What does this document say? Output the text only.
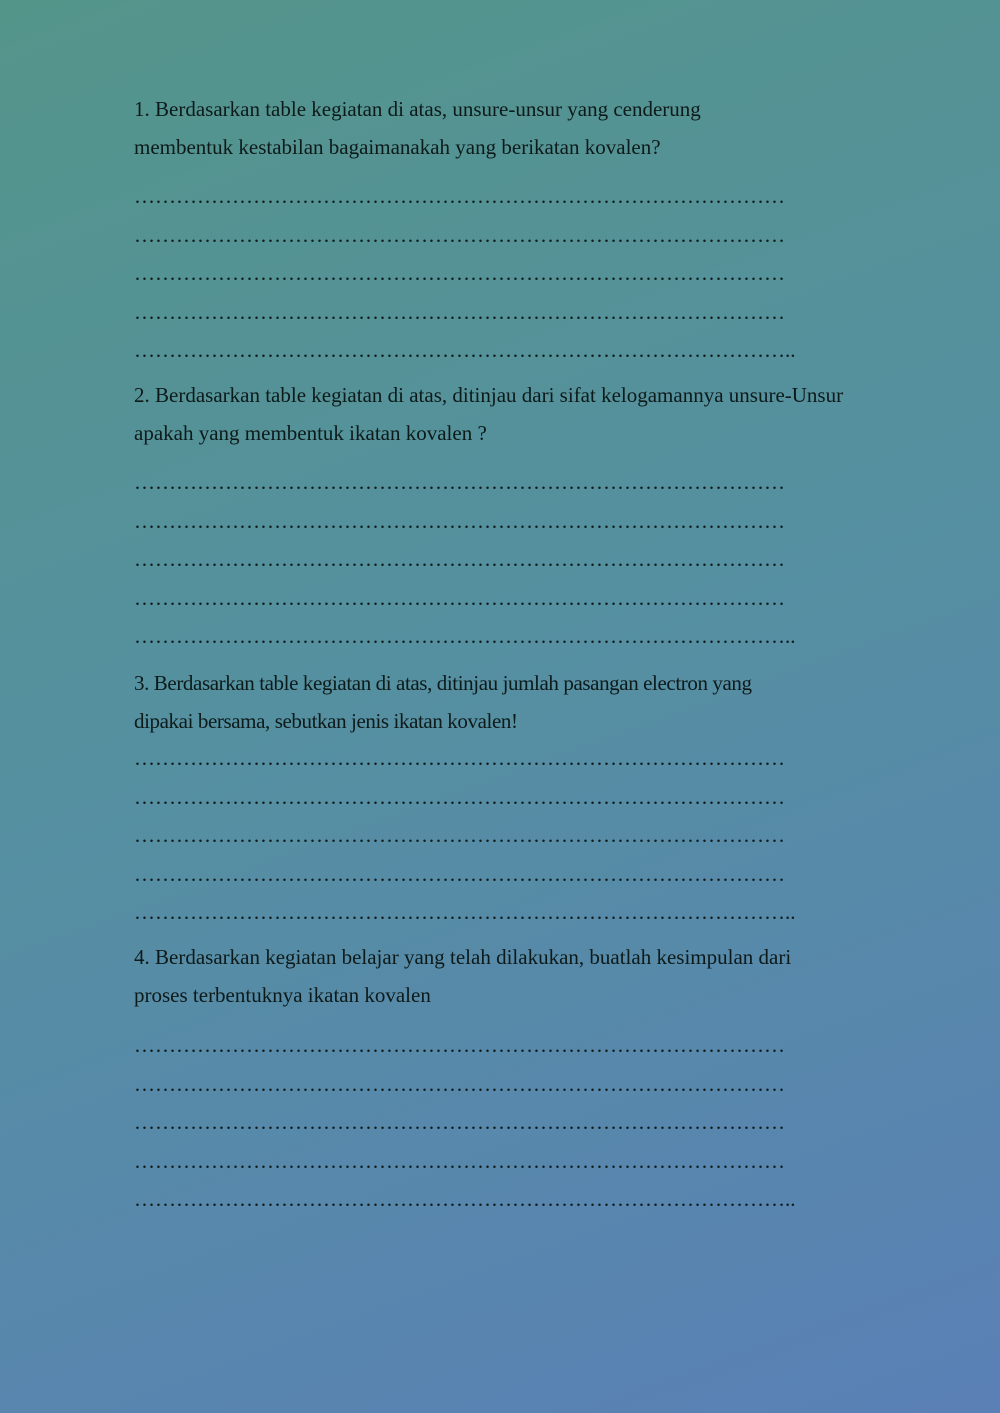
1. Berdasarkan table kegiatan di atas, unsure-unsur yang cenderung
membentuk kestabilan bagaimanakah yang berikatan kovalen?

…………………………………………………………………………………
…………………………………………………………………………………
…………………………………………………………………………………
…………………………………………………………………………………
…………………………………………………………………………………..

2. Berdasarkan table kegiatan di atas, ditinjau dari sifat kelogamannya unsure-Unsur
apakah yang membentuk ikatan kovalen ?

…………………………………………………………………………………
…………………………………………………………………………………
…………………………………………………………………………………
…………………………………………………………………………………
…………………………………………………………………………………..

3. Berdasarkan table kegiatan di atas, ditinjau jumlah pasangan electron yang
dipakai bersama, sebutkan jenis ikatan kovalen!

…………………………………………………………………………………
…………………………………………………………………………………
…………………………………………………………………………………
…………………………………………………………………………………
…………………………………………………………………………………..

4. Berdasarkan kegiatan belajar yang telah dilakukan, buatlah kesimpulan dari
proses terbentuknya ikatan kovalen

…………………………………………………………………………………
…………………………………………………………………………………
…………………………………………………………………………………
…………………………………………………………………………………
…………………………………………………………………………………..
